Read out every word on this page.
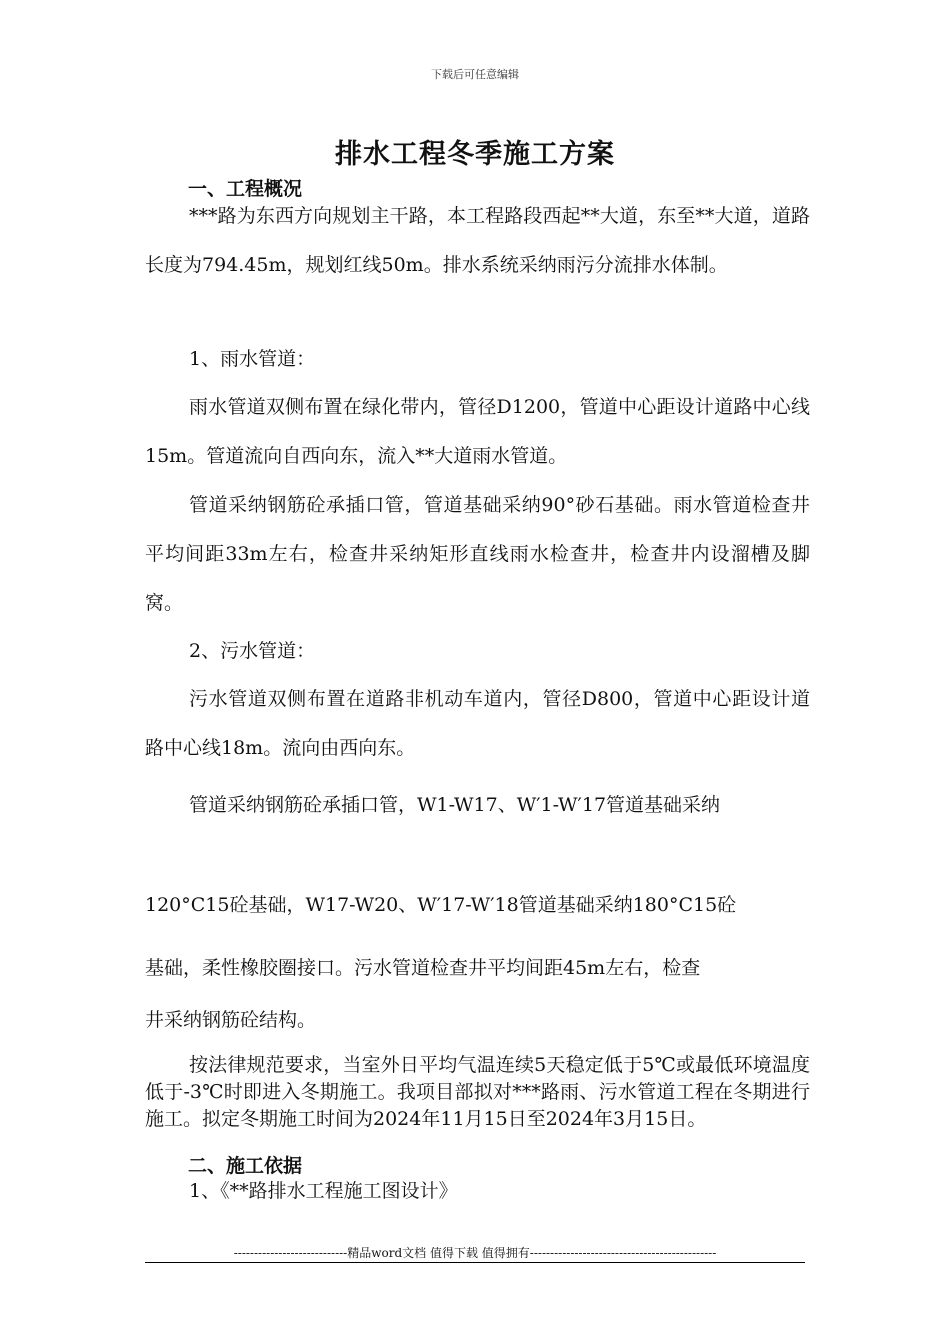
下载后可任意编辑
排水工程冬季施工方案
一、工程概况
***路为东西方向规划主干路，本工程路段西起**大道，东至**大道，道路长度为794.45m，规划红线50m。排水系统采纳雨污分流排水体制。
1、雨水管道：
雨水管道双侧布置在绿化带内，管径D1200，管道中心距设计道路中心线15m。管道流向自西向东，流入**大道雨水管道。
管道采纳钢筋砼承插口管，管道基础采纳90°砂石基础。雨水管道检查井平均间距33m左右，检查井采纳矩形直线雨水检查井，检查井内设溜槽及脚窝。
2、污水管道：
污水管道双侧布置在道路非机动车道内，管径D800，管道中心距设计道路中心线18m。流向由西向东。
管道采纳钢筋砼承插口管，W1-W17、W′1-W′17管道基础采纳
120°C15砼基础，W17-W20、W′17-W′18管道基础采纳180°C15砼
基础，柔性橡胶圈接口。污水管道检查井平均间距45m左右，检查
井采纳钢筋砼结构。
按法律规范要求，当室外日平均气温连续5天稳定低于5℃或最低环境温度低于-3℃时即进入冬期施工。我项目部拟对***路雨、污水管道工程在冬期进行施工。拟定冬期施工时间为2024年11月15日至2024年3月15日。
二、施工依据
1、《**路排水工程施工图设计》
----------------------------精品word文档 值得下载 值得拥有----------------------------------------------
